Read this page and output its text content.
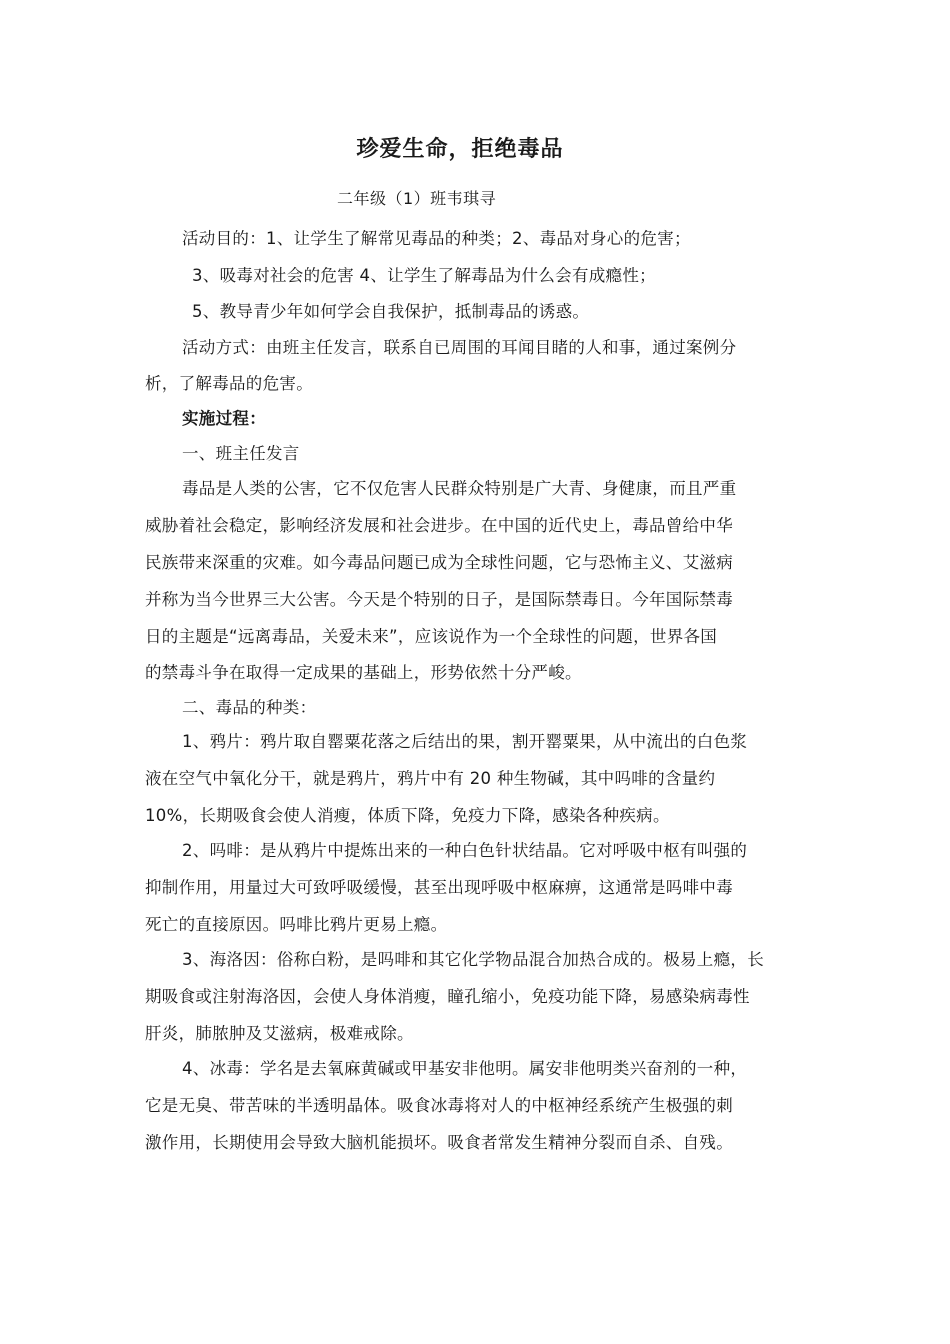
珍爱生命，拒绝毒品
二年级（1）班韦琪寻
活动目的：1、让学生了解常见毒品的种类；2、毒品对身心的危害；
3、吸毒对社会的危害 4、让学生了解毒品为什么会有成瘾性；
5、教导青少年如何学会自我保护，抵制毒品的诱惑。
活动方式：由班主任发言，联系自已周围的耳闻目睹的人和事，通过案例分
析，了解毒品的危害。
实施过程：
一、班主任发言
毒品是人类的公害，它不仅危害人民群众特别是广大青、身健康，而且严重
威胁着社会稳定，影响经济发展和社会进步。在中国的近代史上，毒品曾给中华
民族带来深重的灾难。如今毒品问题已成为全球性问题，它与恐怖主义、艾滋病
并称为当今世界三大公害。今天是个特别的日子，是国际禁毒日。今年国际禁毒
日的主题是“远离毒品，关爱未来”，应该说作为一个全球性的问题，世界各国
的禁毒斗争在取得一定成果的基础上，形势依然十分严峻。
二、毒品的种类：
1、鸦片：鸦片取自罂粟花落之后结出的果，割开罂粟果，从中流出的白色浆
液在空气中氧化分干，就是鸦片，鸦片中有 20 种生物碱，其中吗啡的含量约
10%，长期吸食会使人消瘦，体质下降，免疫力下降，感染各种疾病。
2、吗啡：是从鸦片中提炼出来的一种白色针状结晶。它对呼吸中枢有叫强的
抑制作用，用量过大可致呼吸缓慢，甚至出现呼吸中枢麻痹，这通常是吗啡中毒
死亡的直接原因。吗啡比鸦片更易上瘾。
3、海洛因：俗称白粉，是吗啡和其它化学物品混合加热合成的。极易上瘾，长
期吸食或注射海洛因，会使人身体消瘦，瞳孔缩小，免疫功能下降，易感染病毒性
肝炎，肺脓肿及艾滋病，极难戒除。
4、冰毒：学名是去氧麻黄碱或甲基安非他明。属安非他明类兴奋剂的一种，
它是无臭、带苦味的半透明晶体。吸食冰毒将对人的中枢神经系统产生极强的刺
激作用，长期使用会导致大脑机能损坏。吸食者常发生精神分裂而自杀、自残。
